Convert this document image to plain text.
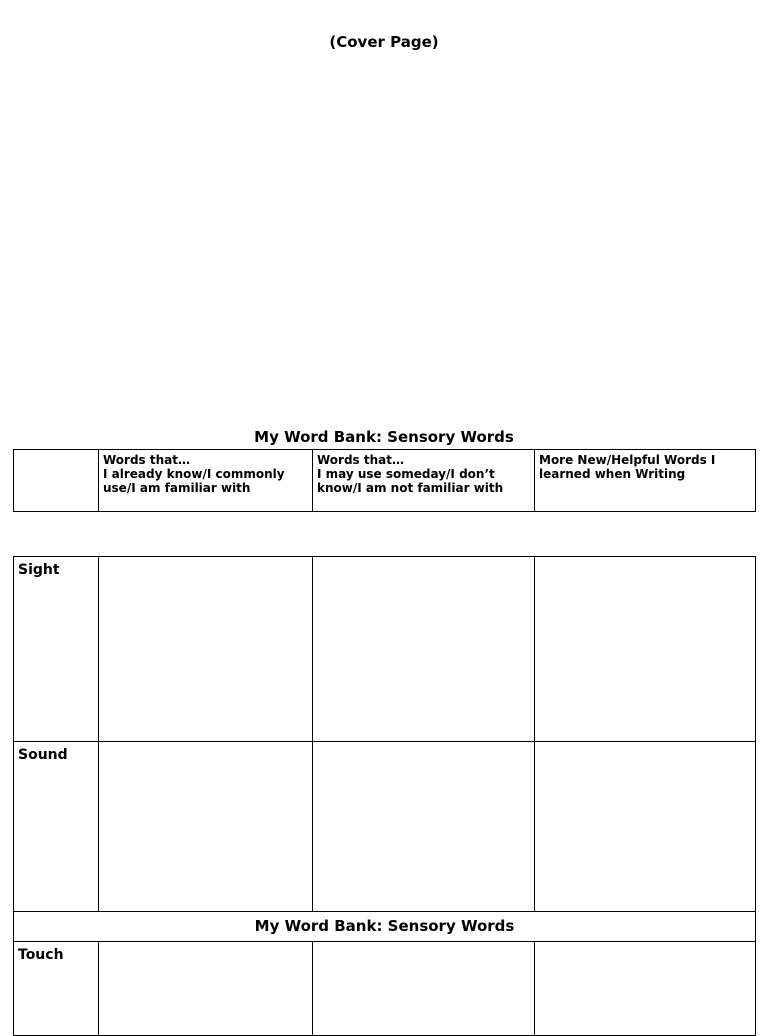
(Cover Page)
My Word Bank: Sensory Words
Words that…
I already know/I commonly use/I am familiar with
Words that…
I may use someday/I don’t know/I am not familiar with
More New/Helpful Words I learned when Writing
Sight
Sound
My Word Bank: Sensory Words
Touch
